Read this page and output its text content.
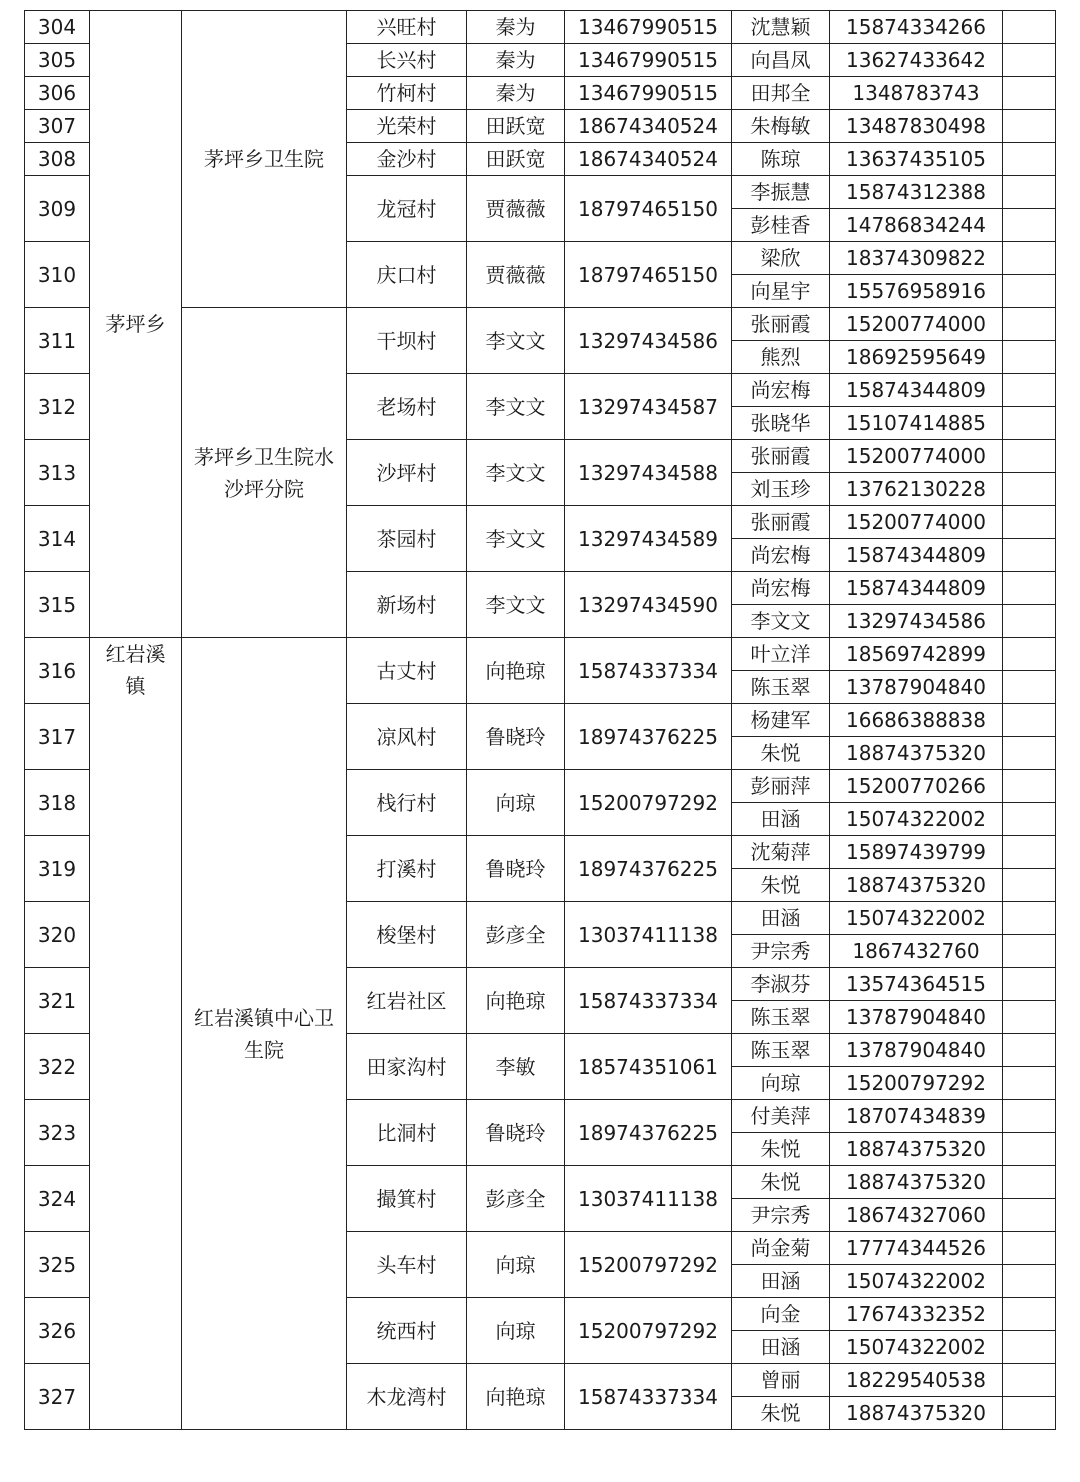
304	茅坪乡	茅坪乡卫生院	兴旺村	秦为	13467990515	沈慧颖	15874334266	
305			长兴村	秦为	13467990515	向昌凤	13627433642	
306			竹柯村	秦为	13467990515	田邦全	1348783743	
307			光荣村	田跃宽	18674340524	朱梅敏	13487830498	
308			金沙村	田跃宽	18674340524	陈琼	13637435105	
309			龙冠村	贾薇薇	18797465150	李振慧	15874312388	
						彭桂香	14786834244	
310			庆口村	贾薇薇	18797465150	梁欣	18374309822	
						向星宇	15576958916	
311		茅坪乡卫生院水沙坪分院	干坝村	李文文	13297434586	张丽霞	15200774000	
						熊烈	18692595649	
312			老场村	李文文	13297434587	尚宏梅	15874344809	
						张晓华	15107414885	
313			沙坪村	李文文	13297434588	张丽霞	15200774000	
						刘玉珍	13762130228	
314			茶园村	李文文	13297434589	张丽霞	15200774000	
						尚宏梅	15874344809	
315			新场村	李文文	13297434590	尚宏梅	15874344809	
						李文文	13297434586	
316	红岩溪镇	红岩溪镇中心卫生院	古丈村	向艳琼	15874337334	叶立洋	18569742899	
						陈玉翠	13787904840	
317			凉风村	鲁晓玲	18974376225	杨建军	16686388838	
						朱悦	18874375320	
318			栈行村	向琼	15200797292	彭丽萍	15200770266	
						田涵	15074322002	
319			打溪村	鲁晓玲	18974376225	沈菊萍	15897439799	
						朱悦	18874375320	
320			梭堡村	彭彦全	13037411138	田涵	15074322002	
						尹宗秀	1867432760	
321			红岩社区	向艳琼	15874337334	李淑芬	13574364515	
						陈玉翠	13787904840	
322			田家沟村	李敏	18574351061	陈玉翠	13787904840	
						向琼	15200797292	
323			比洞村	鲁晓玲	18974376225	付美萍	18707434839	
						朱悦	18874375320	
324			撮箕村	彭彦全	13037411138	朱悦	18874375320	
						尹宗秀	18674327060	
325			头车村	向琼	15200797292	尚金菊	17774344526	
						田涵	15074322002	
326			统西村	向琼	15200797292	向金	17674332352	
						田涵	15074322002	
327			木龙湾村	向艳琼	15874337334	曾丽	18229540538	
						朱悦	18874375320	
